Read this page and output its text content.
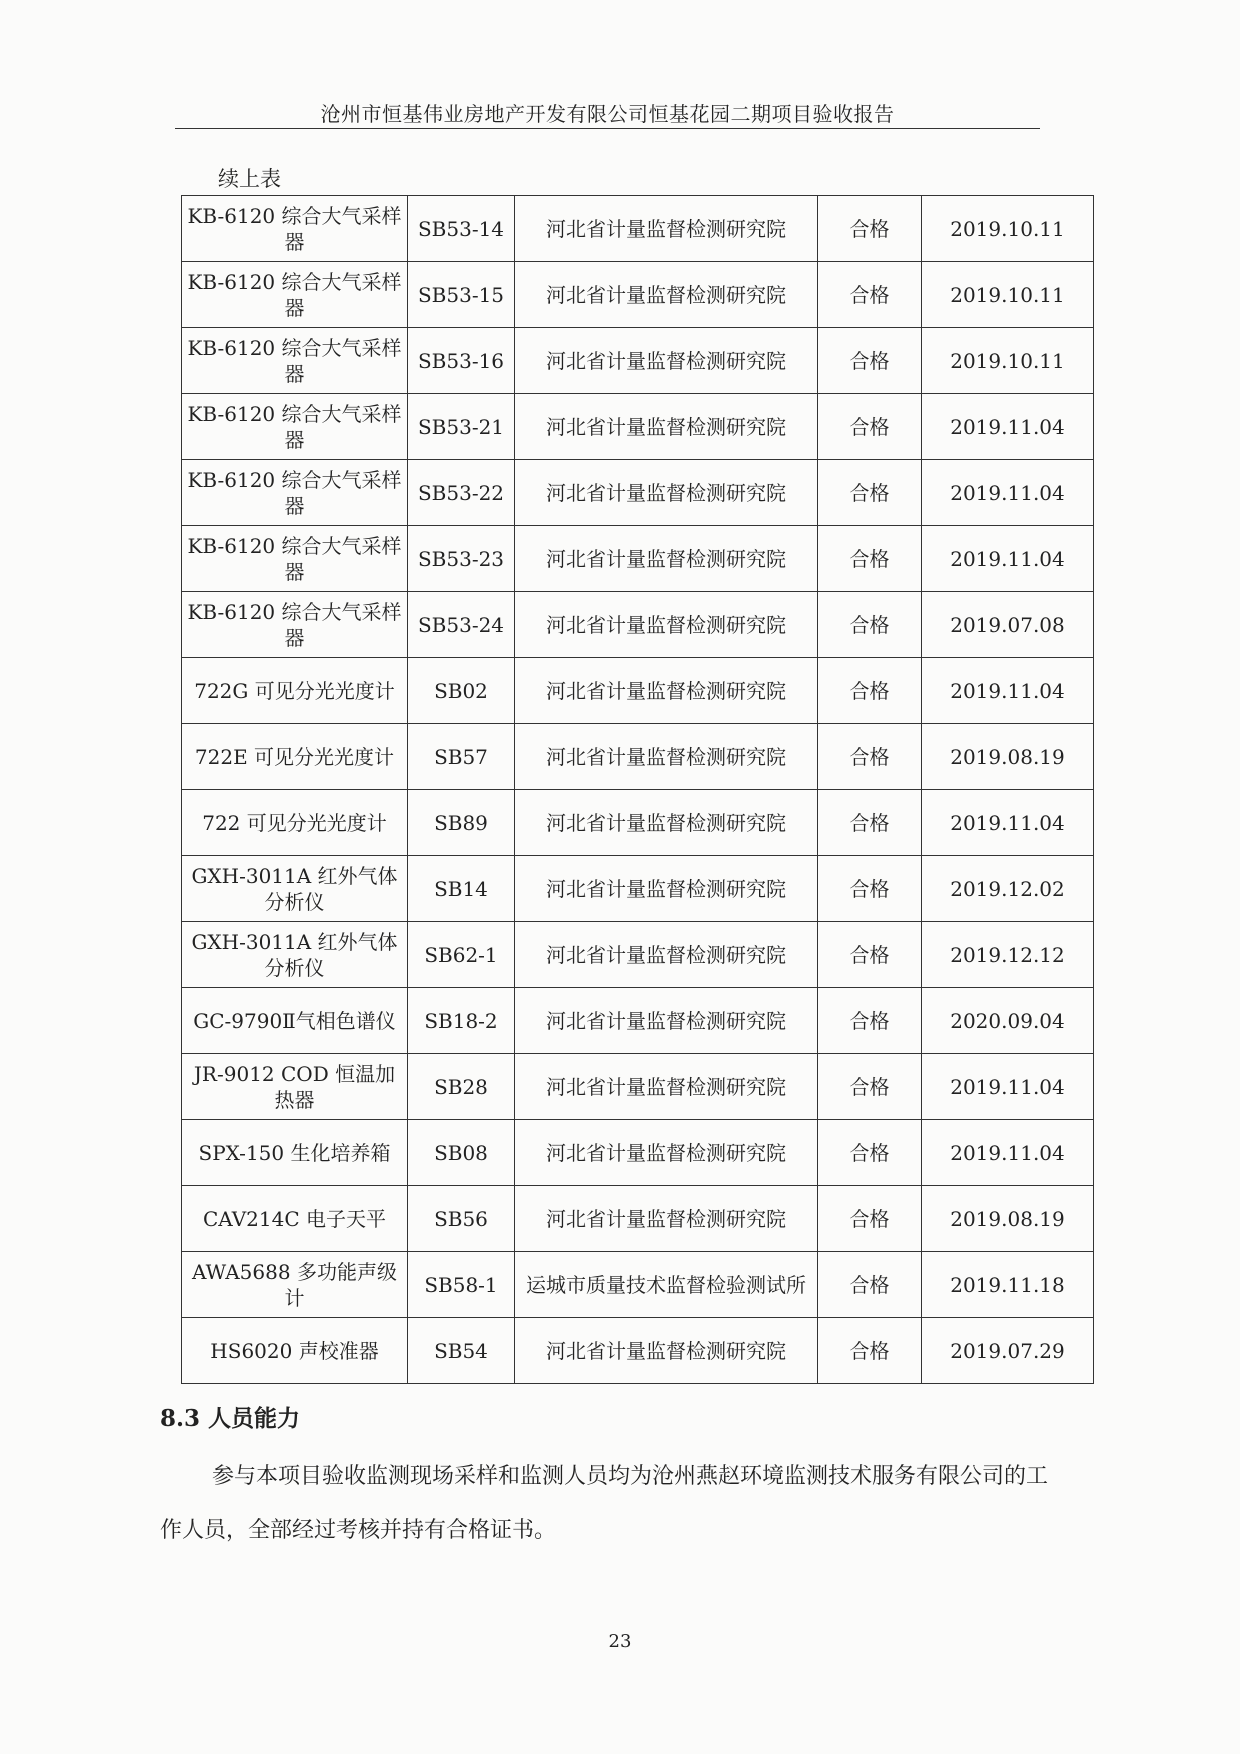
沧州市恒基伟业房地产开发有限公司恒基花园二期项目验收报告
续上表
KB-6120 综合大气采样器	SB53-14	河北省计量监督检测研究院	合格	2019.10.11
KB-6120 综合大气采样器	SB53-15	河北省计量监督检测研究院	合格	2019.10.11
KB-6120 综合大气采样器	SB53-16	河北省计量监督检测研究院	合格	2019.10.11
KB-6120 综合大气采样器	SB53-21	河北省计量监督检测研究院	合格	2019.11.04
KB-6120 综合大气采样器	SB53-22	河北省计量监督检测研究院	合格	2019.11.04
KB-6120 综合大气采样器	SB53-23	河北省计量监督检测研究院	合格	2019.11.04
KB-6120 综合大气采样器	SB53-24	河北省计量监督检测研究院	合格	2019.07.08
722G 可见分光光度计	SB02	河北省计量监督检测研究院	合格	2019.11.04
722E 可见分光光度计	SB57	河北省计量监督检测研究院	合格	2019.08.19
722 可见分光光度计	SB89	河北省计量监督检测研究院	合格	2019.11.04
GXH-3011A 红外气体分析仪	SB14	河北省计量监督检测研究院	合格	2019.12.02
GXH-3011A 红外气体分析仪	SB62-1	河北省计量监督检测研究院	合格	2019.12.12
GC-9790Ⅱ气相色谱仪	SB18-2	河北省计量监督检测研究院	合格	2020.09.04
JR-9012 COD 恒温加热器	SB28	河北省计量监督检测研究院	合格	2019.11.04
SPX-150 生化培养箱	SB08	河北省计量监督检测研究院	合格	2019.11.04
CAV214C 电子天平	SB56	河北省计量监督检测研究院	合格	2019.08.19
AWA5688 多功能声级计	SB58-1	运城市质量技术监督检验测试所	合格	2019.11.18
HS6020 声校准器	SB54	河北省计量监督检测研究院	合格	2019.07.29
8.3 人员能力
参与本项目验收监测现场采样和监测人员均为沧州燕赵环境监测技术服务有限公司的工作人员，全部经过考核并持有合格证书。
23
